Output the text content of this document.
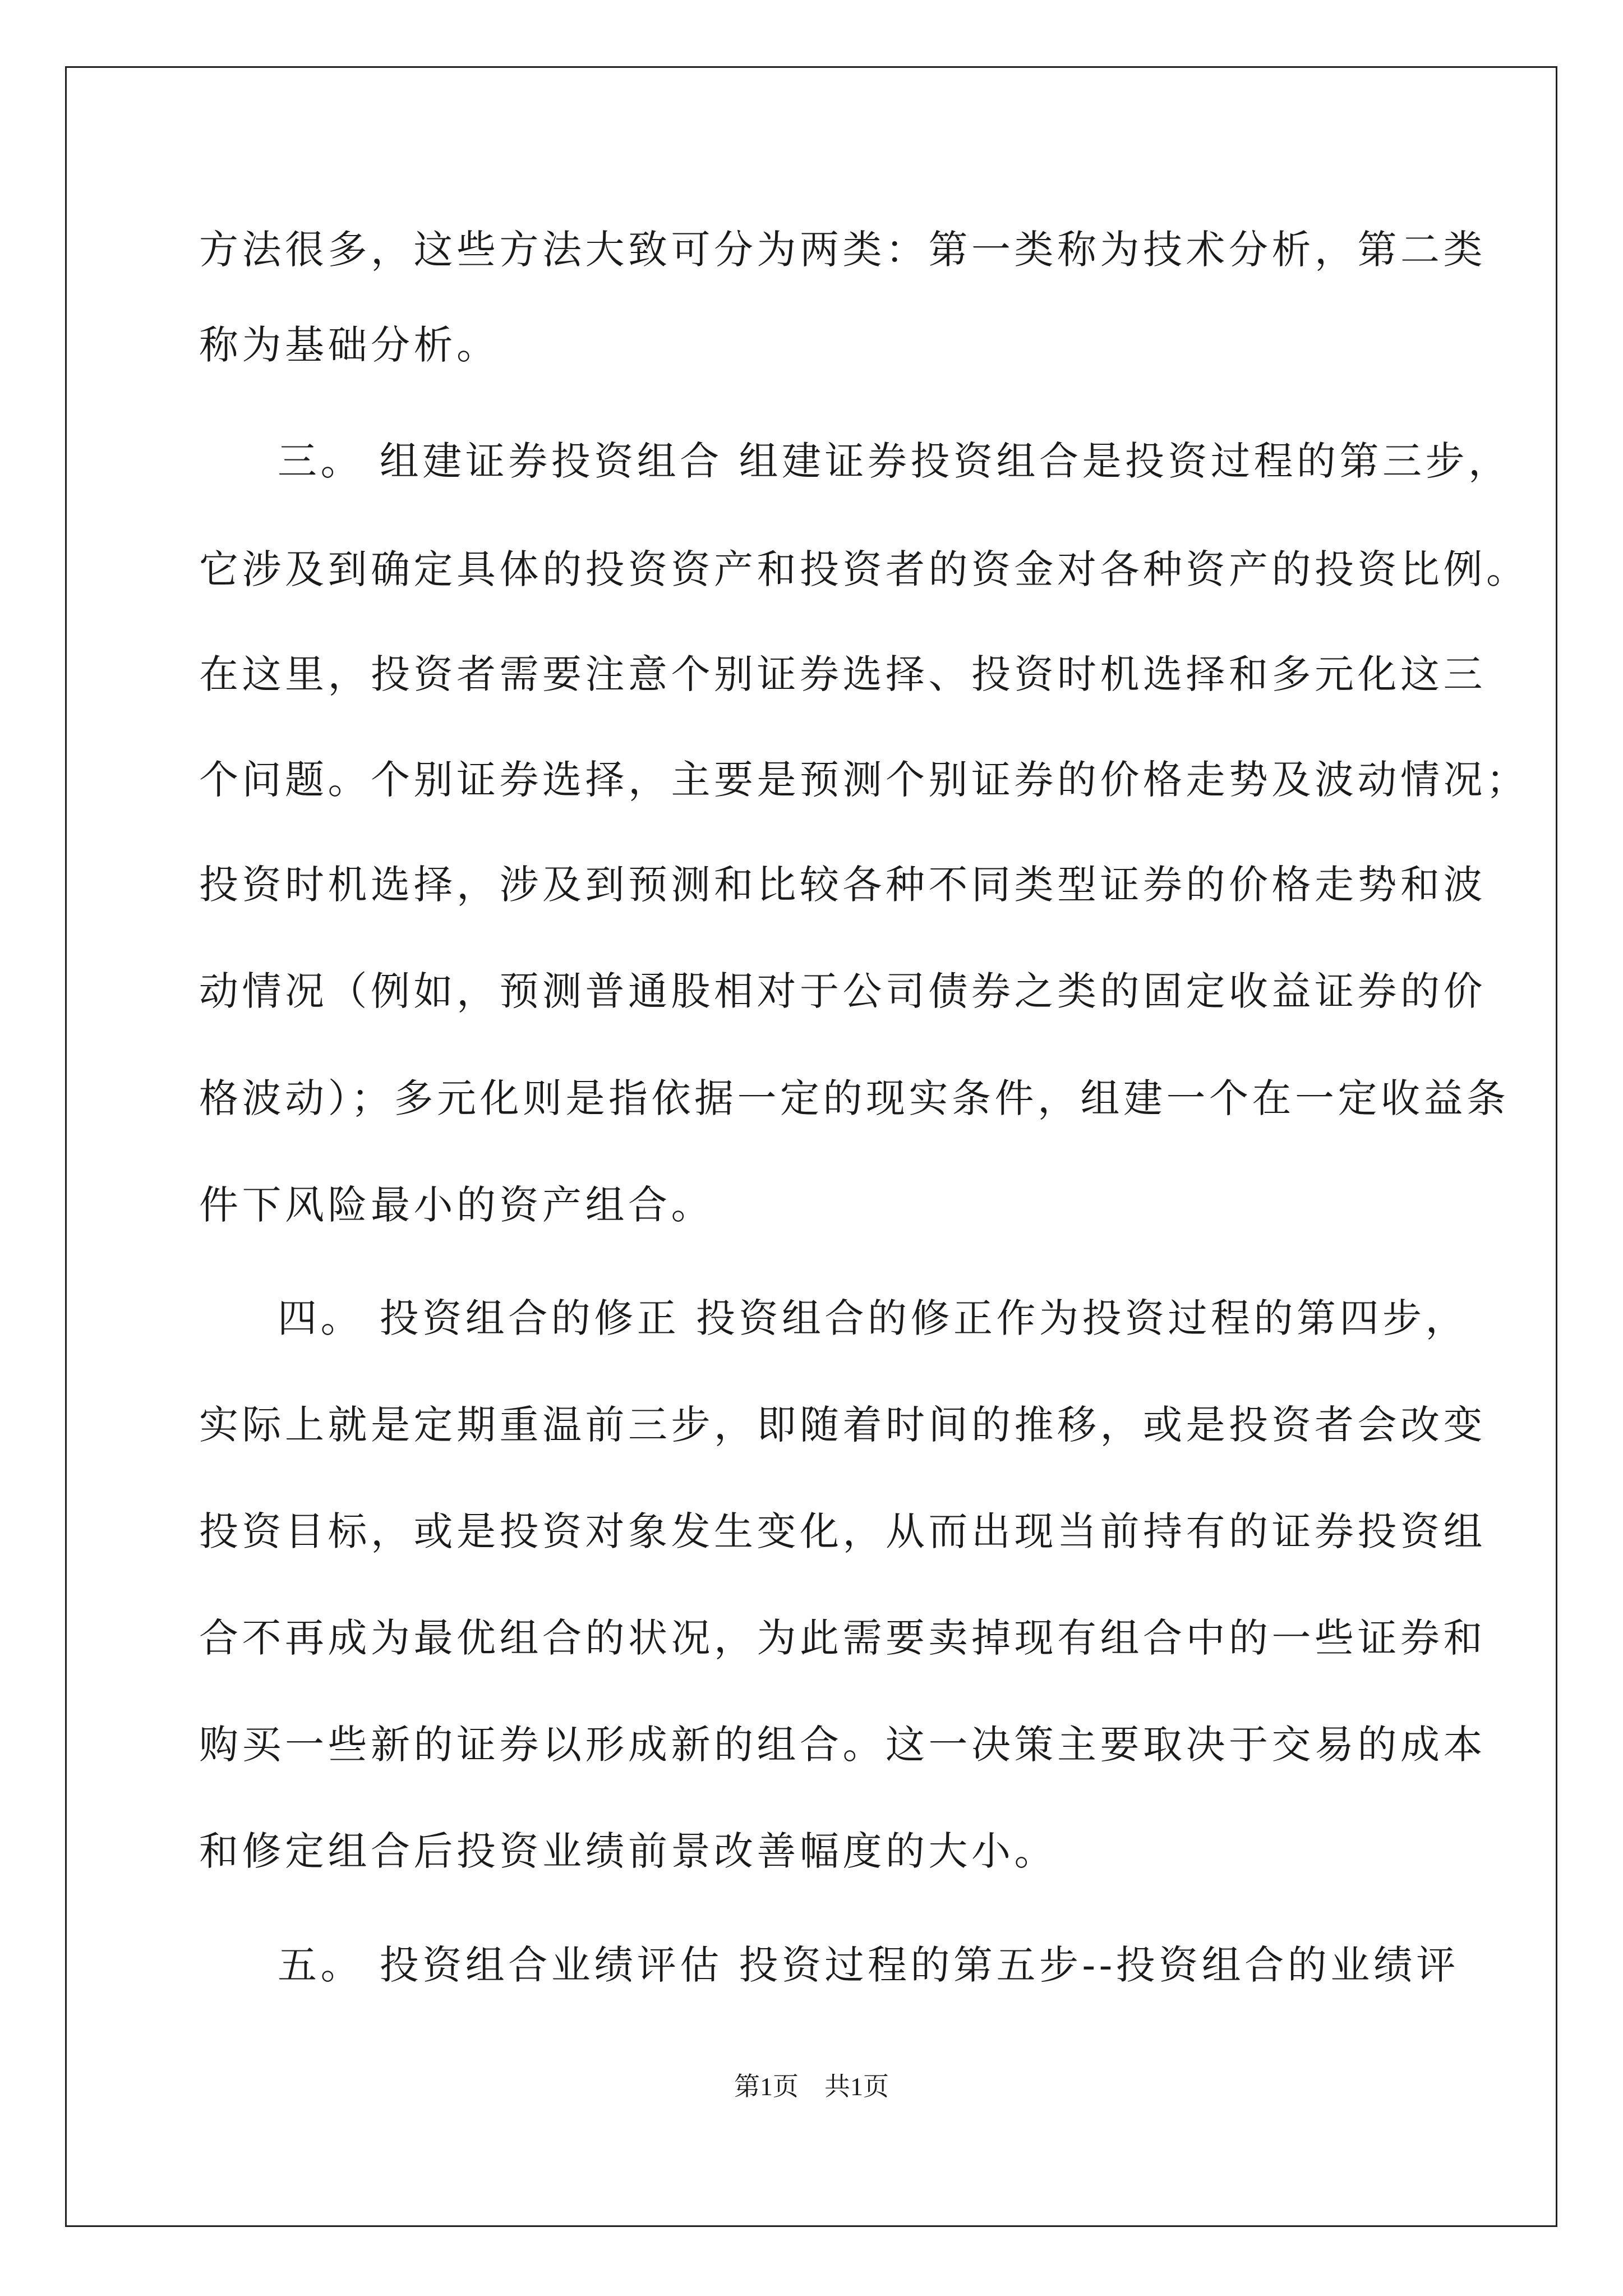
方法很多，这些方法大致可分为两类：第一类称为技术分析，第二类
称为基础分析。
三。 组建证券投资组合 组建证券投资组合是投资过程的第三步，
它涉及到确定具体的投资资产和投资者的资金对各种资产的投资比例。
在这里，投资者需要注意个别证券选择、投资时机选择和多元化这三
个问题。个别证券选择，主要是预测个别证券的价格走势及波动情况；
投资时机选择，涉及到预测和比较各种不同类型证券的价格走势和波
动情况（例如，预测普通股相对于公司债券之类的固定收益证券的价
格波动）；多元化则是指依据一定的现实条件，组建一个在一定收益条
件下风险最小的资产组合。
四。 投资组合的修正 投资组合的修正作为投资过程的第四步，
实际上就是定期重温前三步，即随着时间的推移，或是投资者会改变
投资目标，或是投资对象发生变化，从而出现当前持有的证券投资组
合不再成为最优组合的状况，为此需要卖掉现有组合中的一些证券和
购买一些新的证券以形成新的组合。这一决策主要取决于交易的成本
和修定组合后投资业绩前景改善幅度的大小。
五。 投资组合业绩评估 投资过程的第五步--投资组合的业绩评
第1页　共1页
